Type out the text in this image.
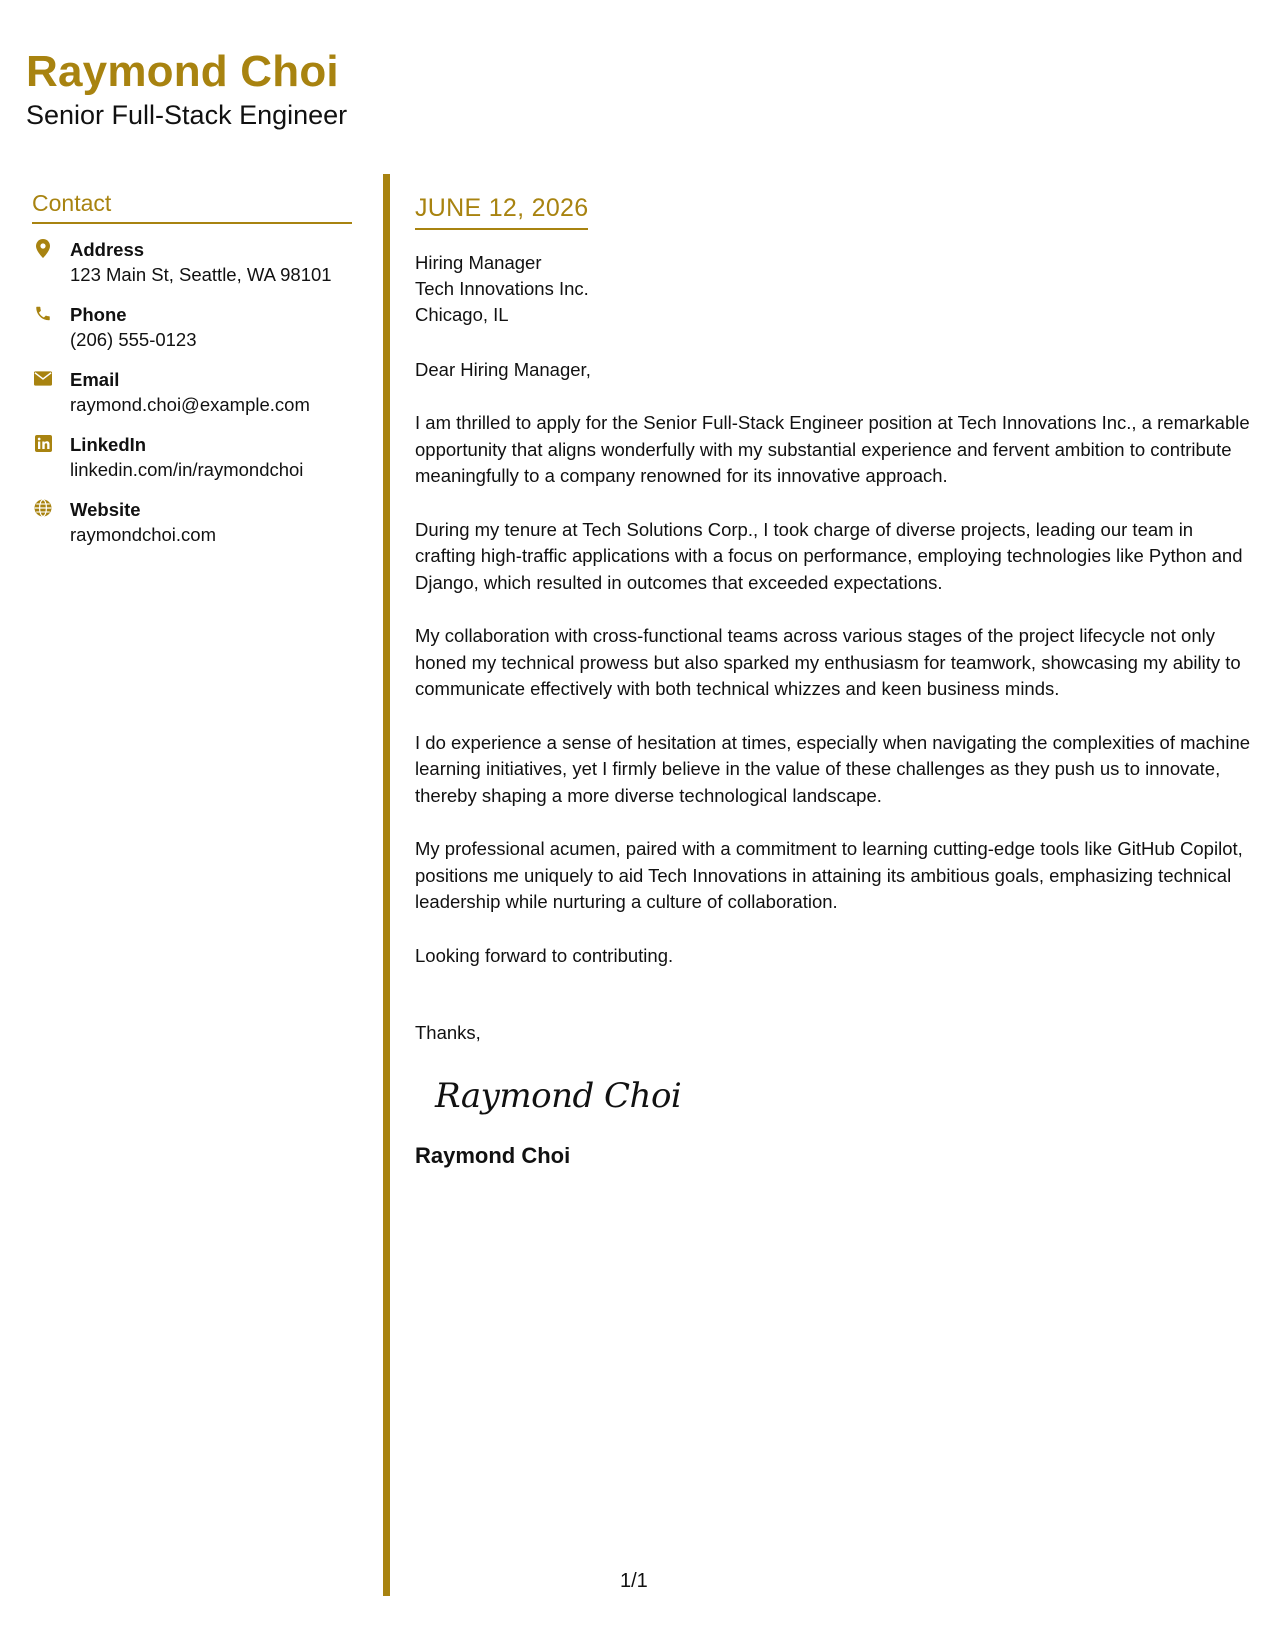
Raymond Choi
Senior Full-Stack Engineer
Contact
Address
123 Main St, Seattle, WA 98101
Phone
(206) 555-0123
Email
raymond.choi@example.com
LinkedIn
linkedin.com/in/raymondchoi
Website
raymondchoi.com
JUNE 12, 2026
Hiring Manager
Tech Innovations Inc.
Chicago, IL
Dear Hiring Manager,
I am thrilled to apply for the Senior Full-Stack Engineer position at Tech Innovations Inc., a remarkable opportunity that aligns wonderfully with my substantial experience and fervent ambition to contribute meaningfully to a company renowned for its innovative approach.
During my tenure at Tech Solutions Corp., I took charge of diverse projects, leading our team in crafting high-traffic applications with a focus on performance, employing technologies like Python and Django, which resulted in outcomes that exceeded expectations.
My collaboration with cross-functional teams across various stages of the project lifecycle not only honed my technical prowess but also sparked my enthusiasm for teamwork, showcasing my ability to communicate effectively with both technical whizzes and keen business minds.
I do experience a sense of hesitation at times, especially when navigating the complexities of machine learning initiatives, yet I firmly believe in the value of these challenges as they push us to innovate, thereby shaping a more diverse technological landscape.
My professional acumen, paired with a commitment to learning cutting-edge tools like GitHub Copilot, positions me uniquely to aid Tech Innovations in attaining its ambitious goals, emphasizing technical leadership while nurturing a culture of collaboration.
Looking forward to contributing.
Thanks,
Raymond Choi
Raymond Choi
1/1
